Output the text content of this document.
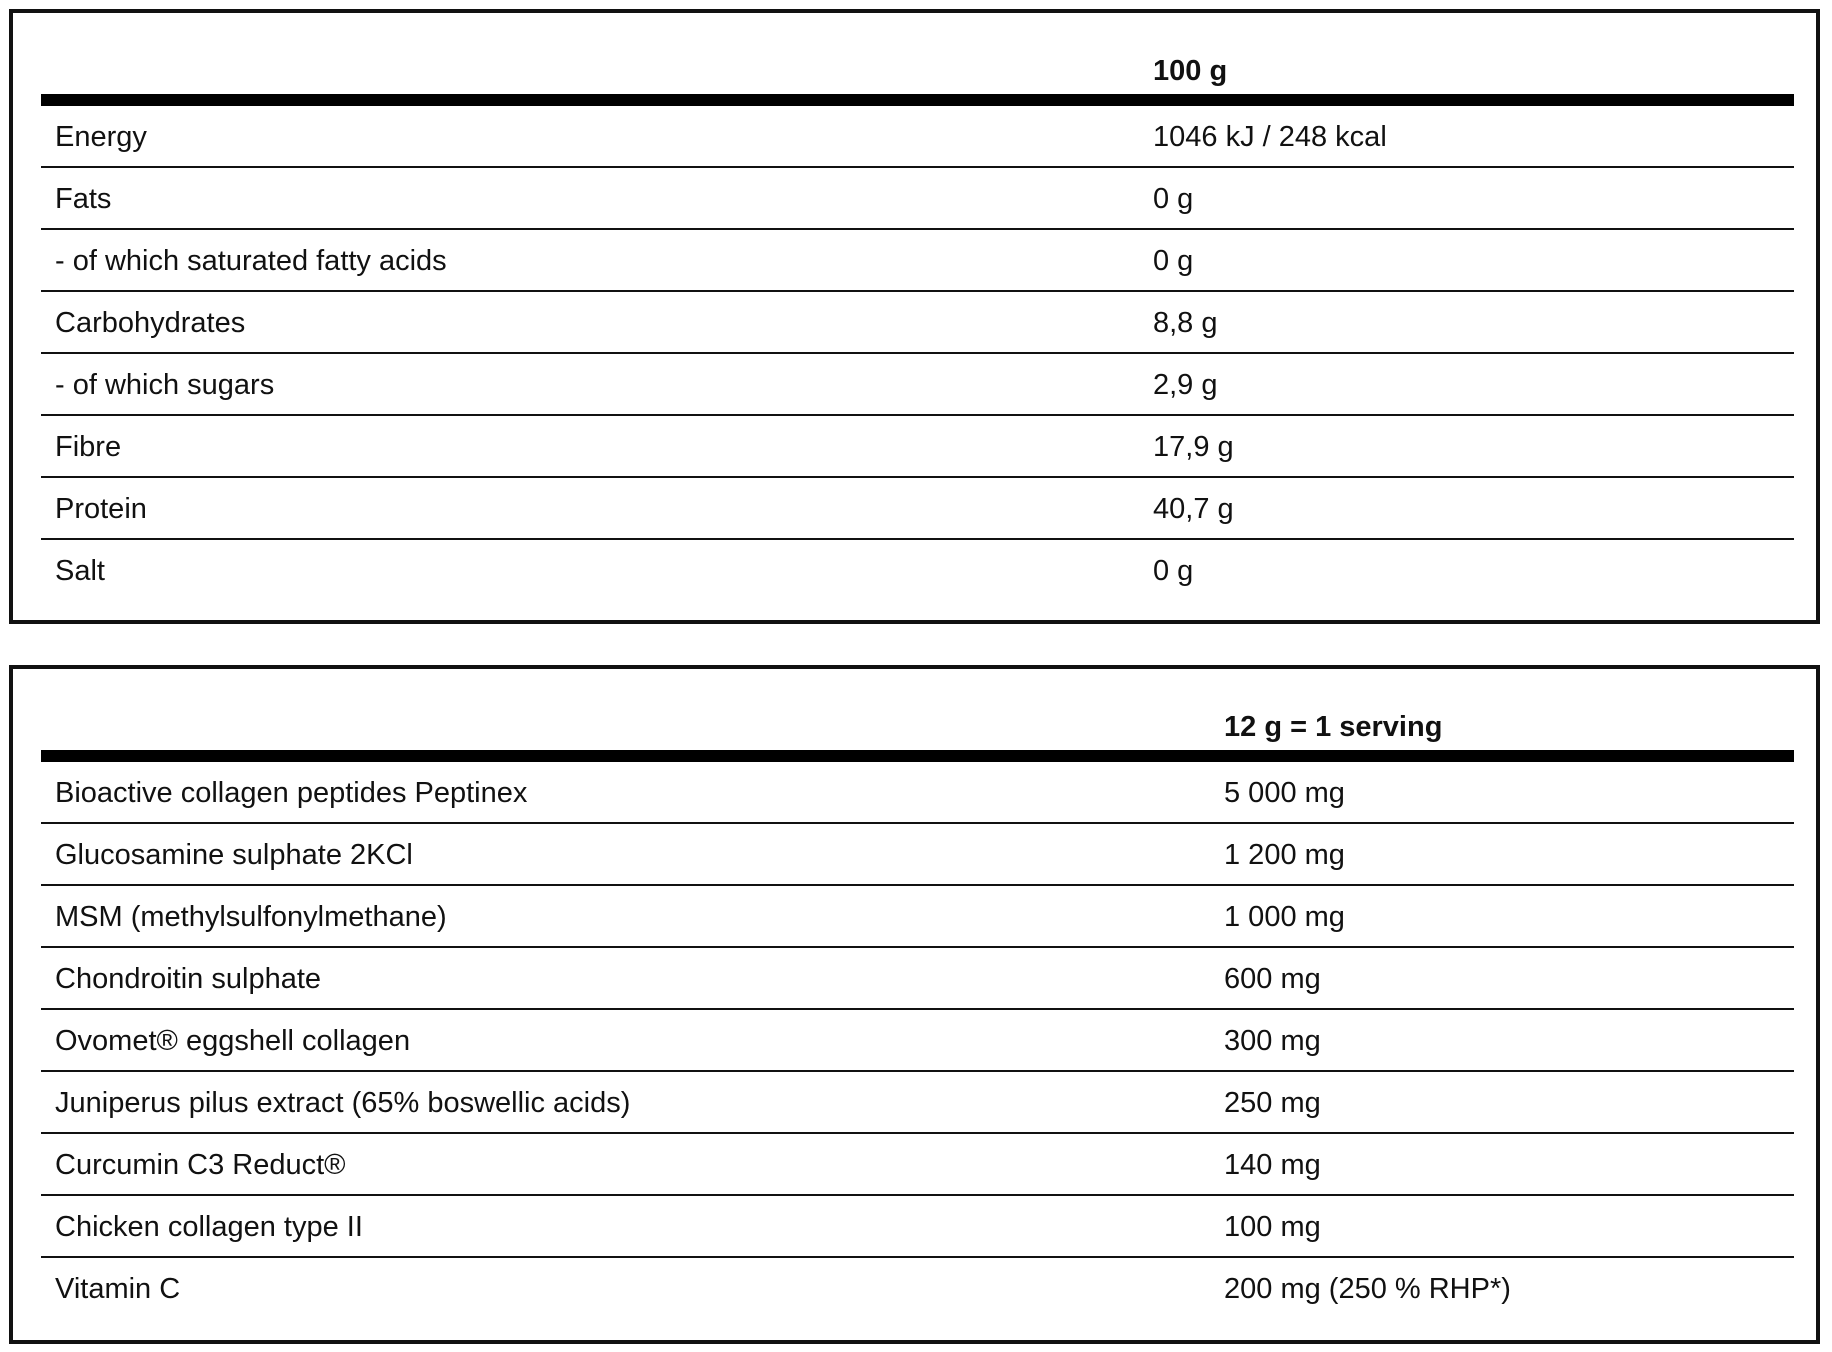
100 g
Energy	1046 kJ / 248 kcal
Fats	0 g
- of which saturated fatty acids	0 g
Carbohydrates	8,8 g
- of which sugars	2,9 g
Fibre	17,9 g
Protein	40,7 g
Salt	0 g
12 g = 1 serving
Bioactive collagen peptides Peptinex	5 000 mg
Glucosamine sulphate 2KCl	1 200 mg
MSM (methylsulfonylmethane)	1 000 mg
Chondroitin sulphate	600 mg
Ovomet® eggshell collagen	300 mg
Juniperus pilus extract (65% boswellic acids)	250 mg
Curcumin C3 Reduct®	140 mg
Chicken collagen type II	100 mg
Vitamin C	200 mg (250 % RHP*)
